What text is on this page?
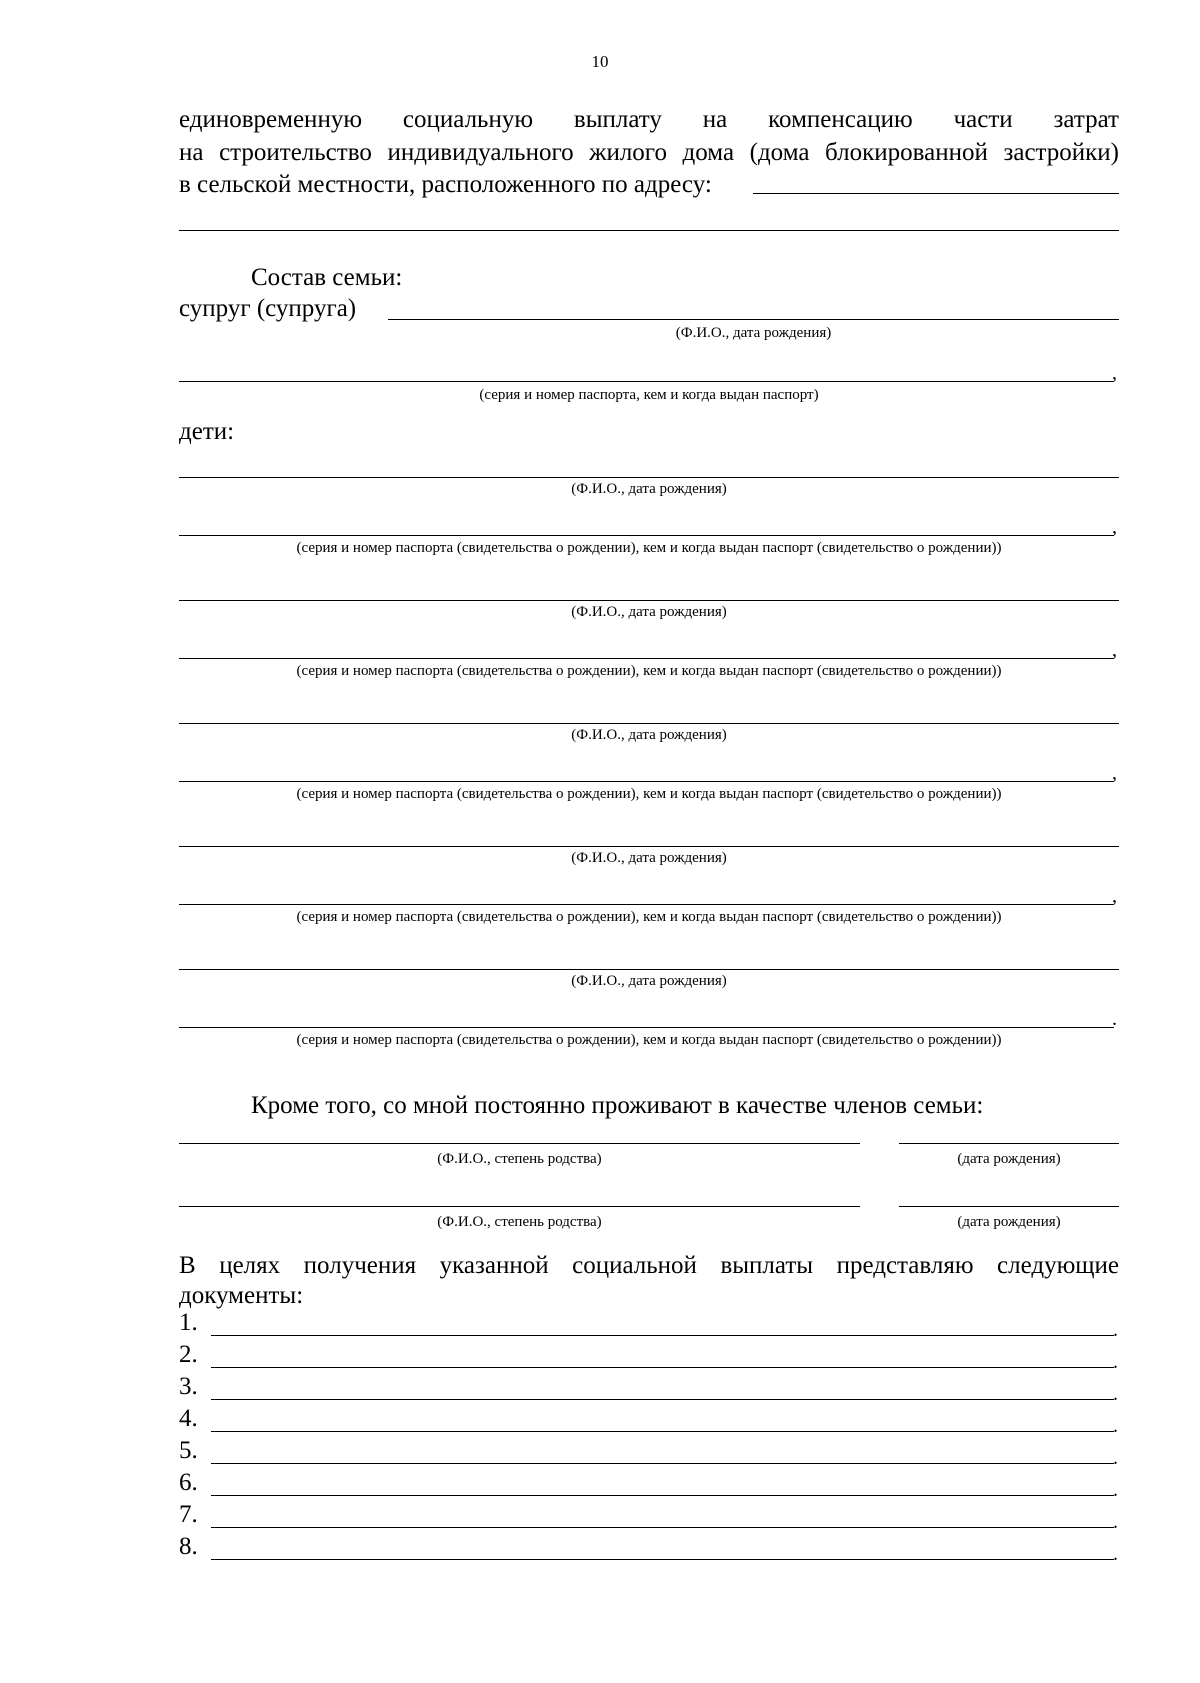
10
единовременную социальную выплату на компенсацию части затрат
на строительство индивидуального жилого дома (дома блокированной застройки)
в сельской местности, расположенного по адресу:
Состав семьи:
супруг (супруга)
(Ф.И.О., дата рождения)
,
(серия и номер паспорта, кем и когда выдан паспорт)
дети:
(Ф.И.О., дата рождения)
,
(серия и номер паспорта (свидетельства о рождении), кем и когда выдан паспорт (свидетельство о рождении))
(Ф.И.О., дата рождения)
,
(серия и номер паспорта (свидетельства о рождении), кем и когда выдан паспорт (свидетельство о рождении))
(Ф.И.О., дата рождения)
,
(серия и номер паспорта (свидетельства о рождении), кем и когда выдан паспорт (свидетельство о рождении))
(Ф.И.О., дата рождения)
,
(серия и номер паспорта (свидетельства о рождении), кем и когда выдан паспорт (свидетельство о рождении))
(Ф.И.О., дата рождения)
.
(серия и номер паспорта (свидетельства о рождении), кем и когда выдан паспорт (свидетельство о рождении))
Кроме того, со мной постоянно проживают в качестве членов семьи:
(Ф.И.О., степень родства)	(дата рождения)
(Ф.И.О., степень родства)	(дата рождения)
В целях получения указанной социальной выплаты представляю следующие
документы:
1.	.
2.	.
3.	.
4.	.
5.	.
6.	.
7.	.
8.	.
